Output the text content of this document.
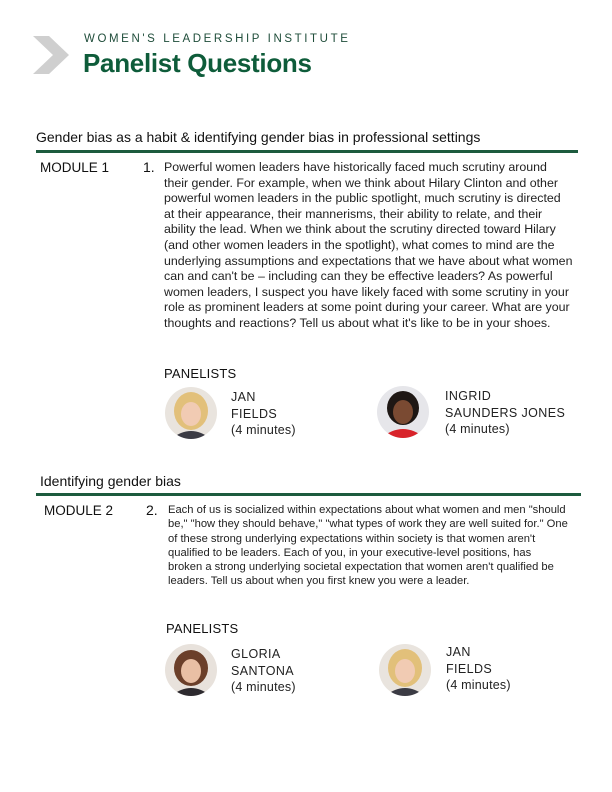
WOMEN'S LEADERSHIP INSTITUTE
Panelist Questions
Gender bias as a habit & identifying gender bias in professional settings
MODULE 1 1. Powerful women leaders have historically faced much scrutiny around their gender. For example, when we think about Hilary Clinton and other powerful women leaders in the public spotlight, much scrutiny is directed at their appearance, their mannerisms, their ability to relate, and their ability the lead. When we think about the scrutiny directed toward Hilary (and other women leaders in the spotlight), what comes to mind are the underlying assumptions and expectations that we have about what women can and can't be – including can they be effective leaders? As powerful women leaders, I suspect you have likely faced with some scrutiny in your role as prominent leaders at some point during your career. What are your thoughts and reactions? Tell us about what it's like to be in your shoes.
PANELISTS
JAN
FIELDS
(4 minutes)
INGRID
SAUNDERS JONES
(4 minutes)
Identifying gender bias
MODULE 2 2. Each of us is socialized within expectations about what women and men "should be," "how they should behave," "what types of work they are well suited for." One of these strong underlying expectations within society is that women aren't qualified to be leaders. Each of you, in your executive-level positions, has broken a strong underlying societal expectation that women aren't qualified be leaders. Tell us about when you first knew you were a leader.
PANELISTS
GLORIA
SANTONA
(4 minutes)
JAN
FIELDS
(4 minutes)
